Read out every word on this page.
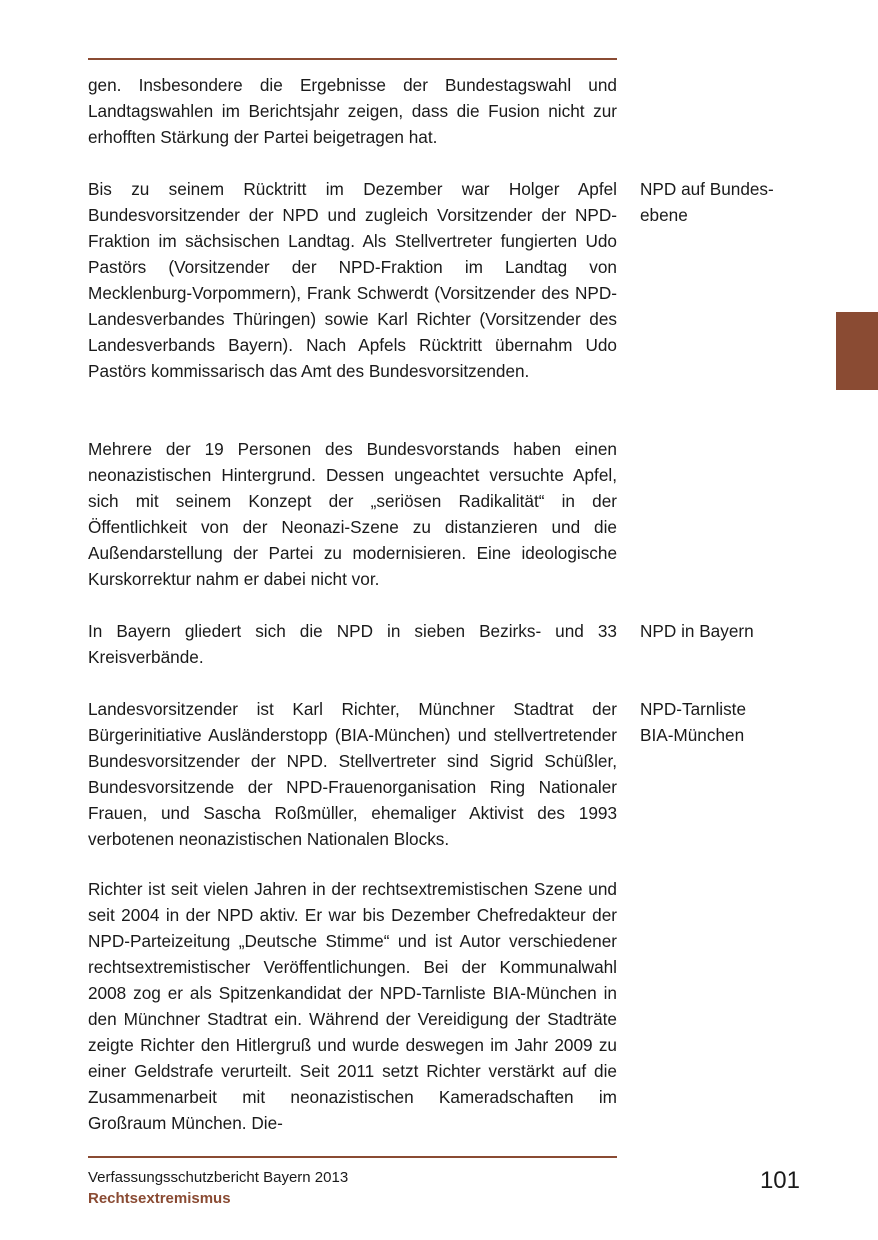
gen. Insbesondere die Ergebnisse der Bundestagswahl und Landtagswahlen im Berichtsjahr zeigen, dass die Fusion nicht zur erhofften Stärkung der Partei beigetragen hat.

Bis zu seinem Rücktritt im Dezember war Holger Apfel Bundesvorsitzender der NPD und zugleich Vorsitzender der NPD-Fraktion im sächsischen Landtag. Als Stellvertreter fungierten Udo Pastörs (Vorsitzender der NPD-Fraktion im Landtag von Mecklenburg-Vorpommern), Frank Schwerdt (Vorsitzender des NPD-Landesverbandes Thüringen) sowie Karl Richter (Vorsitzender des Landesverbands Bayern). Nach Apfels Rücktritt übernahm Udo Pastörs kommissarisch das Amt des Bundesvorsitzenden.

Mehrere der 19 Personen des Bundesvorstands haben einen neonazistischen Hintergrund. Dessen ungeachtet versuchte Apfel, sich mit seinem Konzept der „seriösen Radikalität“ in der Öffentlichkeit von der Neonazi-Szene zu distanzieren und die Außendarstellung der Partei zu modernisieren. Eine ideologische Kurskorrektur nahm er dabei nicht vor.

In Bayern gliedert sich die NPD in sieben Bezirks- und 33 Kreisverbände.

Landesvorsitzender ist Karl Richter, Münchner Stadtrat der Bürgerinitiative Ausländerstopp (BIA-München) und stellvertretender Bundesvorsitzender der NPD. Stellvertreter sind Sigrid Schüßler, Bundesvorsitzende der NPD-Frauenorganisation Ring Nationaler Frauen, und Sascha Roßmüller, ehemaliger Aktivist des 1993 verbotenen neonazistischen Nationalen Blocks.

Richter ist seit vielen Jahren in der rechtsextremistischen Szene und seit 2004 in der NPD aktiv. Er war bis Dezember Chefredakteur der NPD-Parteizeitung „Deutsche Stimme“ und ist Autor verschiedener rechtsextremistischer Veröffentlichungen. Bei der Kommunalwahl 2008 zog er als Spitzenkandidat der NPD-Tarnliste BIA-München in den Münchner Stadtrat ein. Während der Vereidigung der Stadträte zeigte Richter den Hitlergruß und wurde deswegen im Jahr 2009 zu einer Geldstrafe verurteilt. Seit 2011 setzt Richter verstärkt auf die Zusammenarbeit mit neonazistischen Kameradschaften im Großraum München. Die-

NPD auf Bundes-
ebene
NPD in Bayern
NPD-Tarnliste
BIA-München
Verfassungsschutzbericht Bayern 2013
Rechtsextremismus
101
